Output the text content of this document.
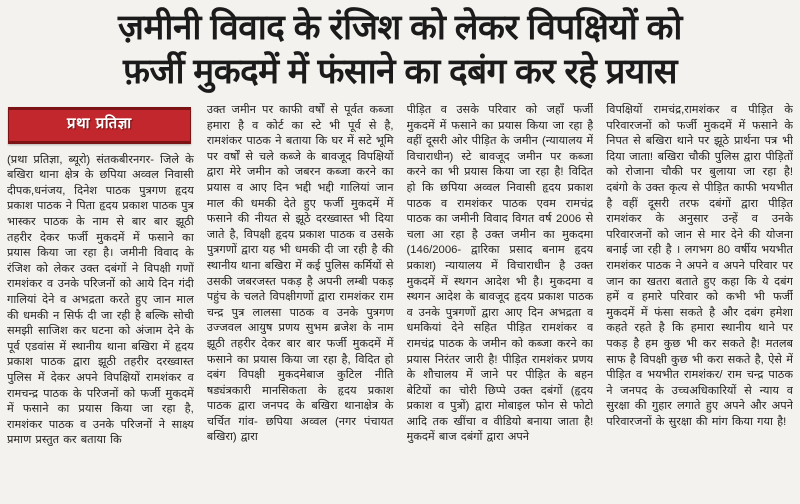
ज़मीनी विवाद के रंजिश को लेकर विपक्षियों को
फ़र्जी मुकदमें में फंसाने का दबंग कर रहे प्रयास
प्रथा प्रतिज्ञा
(प्रथा प्रतिज्ञा, ब्यूरो) संतकबीरनगर- जिले के बखिरा थाना क्षेत्र के छपिया अव्वल निवासी दीपक,धनंजय, दिनेश पाठक पुत्रगण हृदय प्रकाश पाठक ने पिता हृदय प्रकाश पाठक पुत्र भास्कर पाठक के नाम से बार बार झूठी तहरीर देकर फर्जी मुकदमें में फसाने का प्रयास किया जा रहा है। जमीनी विवाद के रंजिश को लेकर उक्त दबंगों ने विपक्षी गणों रामशंकर व उनके परिजनों को आये दिन गंदी गालियां देने व अभद्रता करते हुए जान माल की धमकी न सिर्फ दी जा रही है बल्कि सोची समझी साजिश कर घटना को अंजाम देने के पूर्व एडवांस में स्थानीय थाना बखिरा में हृदय प्रकाश पाठक द्वारा झूठी तहरीर दरख्वास्त पुलिस में देकर अपने विपक्षियों रामशंकर व रामचन्द्र पाठक के परिजनों को फर्जी मुकदमें में फसाने का प्रयास किया जा रहा है, रामशंकर पाठक व उनके परिजनों ने साक्ष्य प्रमाण प्रस्तुत कर बताया कि
उक्त जमीन पर काफी वर्षों से पूर्वत कब्जा हमारा है व कोर्ट का स्टे भी पूर्व से है, रामशंकर पाठक ने बताया कि घर में सटे भूमि पर वर्षों से चले कब्जे के बावजूद विपक्षियों द्वारा मेरे जमीन को जबरन कब्जा करने का प्रयास व आए दिन भद्दी भद्दी गालियां जान माल की धमकी देते हुए फर्जी मुकदमें में फसाने की नीयत से झूठे दरख्वास्त भी दिया जाते है, विपक्षी हृदय प्रकाश पाठक व उसके पुत्रगणों द्वारा यह भी धमकी दी जा रही है की स्थानीय थाना बखिरा में कई पुलिस कर्मियों से उसकी जबरजस्त पकड़ है अपनी लम्बी पकड़ पहुंच के चलते विपक्षीगणों द्वारा रामशंकर राम चन्द्र पुत्र लालसा पाठक व उनके पुत्रगण उज्जवल आयुष प्रणय सुभम ब्रजेश के नाम झूठी तहरीर देकर बार बार फर्जी मुकदमें में फसाने का प्रयास किया जा रहा है, विदित हो दबंग विपक्षी मुकदमेबाज कुटिल नीति षड्यंत्रकारी मानसिकता के हृदय प्रकाश पाठक द्वारा जनपद के बखिरा थानाक्षेत्र के चर्चित गांव- छपिया अव्वल (नगर पंचायत बखिरा) द्वारा
पीड़ित व उसके परिवार को जहाँ फर्जी मुकदमें में फसाने का प्रयास किया जा रहा है वहीं दूसरी ओर पीड़ित के जमीन (न्यायालय में विचाराधीन) स्टे बावजूद जमीन पर कब्जा करने का भी प्रयास किया जा रहा है! विदित हो कि छपिया अव्वल निवासी हृदय प्रकाश पाठक व रामशंकर पाठक एवम रामचंद्र पाठक का जमीनी विवाद विगत वर्ष 2006 से चला आ रहा है उक्त जमीन का मुकदमा (146/2006- द्वारिका प्रसाद बनाम हृदय प्रकाश) न्यायालय में विचाराधीन है उक्त मुकदमें में स्थगन आदेश भी है। मुकदमा व स्थगन आदेश के बावजूद हृदय प्रकाश पाठक व उनके पुत्रगणों द्वारा आए दिन अभद्रता व धमकियां देने सहित पीड़ित रामशंकर व रामचंद्र पाठक के जमीन को कब्जा करने का प्रयास निरंतर जारी है! पीड़ित रामशंकर प्रणय के शौचालय में जाने पर पीड़ित के बहन बेटियों का चोरी छिप्पे उक्त दबंगों (हृदय प्रकाश व पुत्रों) द्वारा मोबाइल फोन से फोटो आदि तक खींचा व वीडियो बनाया जाता है! मुकदमें बाज दबंगों द्वारा अपने
विपक्षियों रामचंद्र,रामशंकर व पीड़ित के परिवारजनों को फर्जी मुकदमें में फसाने के निपत से बखिरा थाने पर झूठे प्रार्थना पत्र भी दिया जाता! बखिरा चौकी पुलिस द्वारा पीड़ितों को रोजाना चौकी पर बुलाया जा रहा है! दबंगो के उक्त कृत्य से पीड़ित काफी भयभीत है वहीं दूसरी तरफ दबंगों द्वारा पीड़ित रामशंकर के अनुसार उन्हें व उनके परिवारजनों को जान से मार देने की योजना बनाई जा रही है । लगभग 80 वर्षीय भयभीत रामशंकर पाठक ने अपने व अपने परिवार पर जान का खतरा बताते हुए कहा कि ये दबंग हमें व हमारे परिवार को कभी भी फर्जी मुकदमें में फंसा सकते है और दबंग हमेशा कहते रहते है कि हमारा स्थानीय थाने पर पकड़ है हम कुछ भी कर सकते है! मतलब साफ है विपक्षी कुछ भी करा सकते है, ऐसे में पीड़ित व भयभीत रामशंकर/ राम चन्द्र पाठक ने जनपद के उच्चअधिकारियों से न्याय व सुरक्षा की गुहार लगाते हुए अपने और अपने परिवारजनों के सुरक्षा की मांग किया गया है!
